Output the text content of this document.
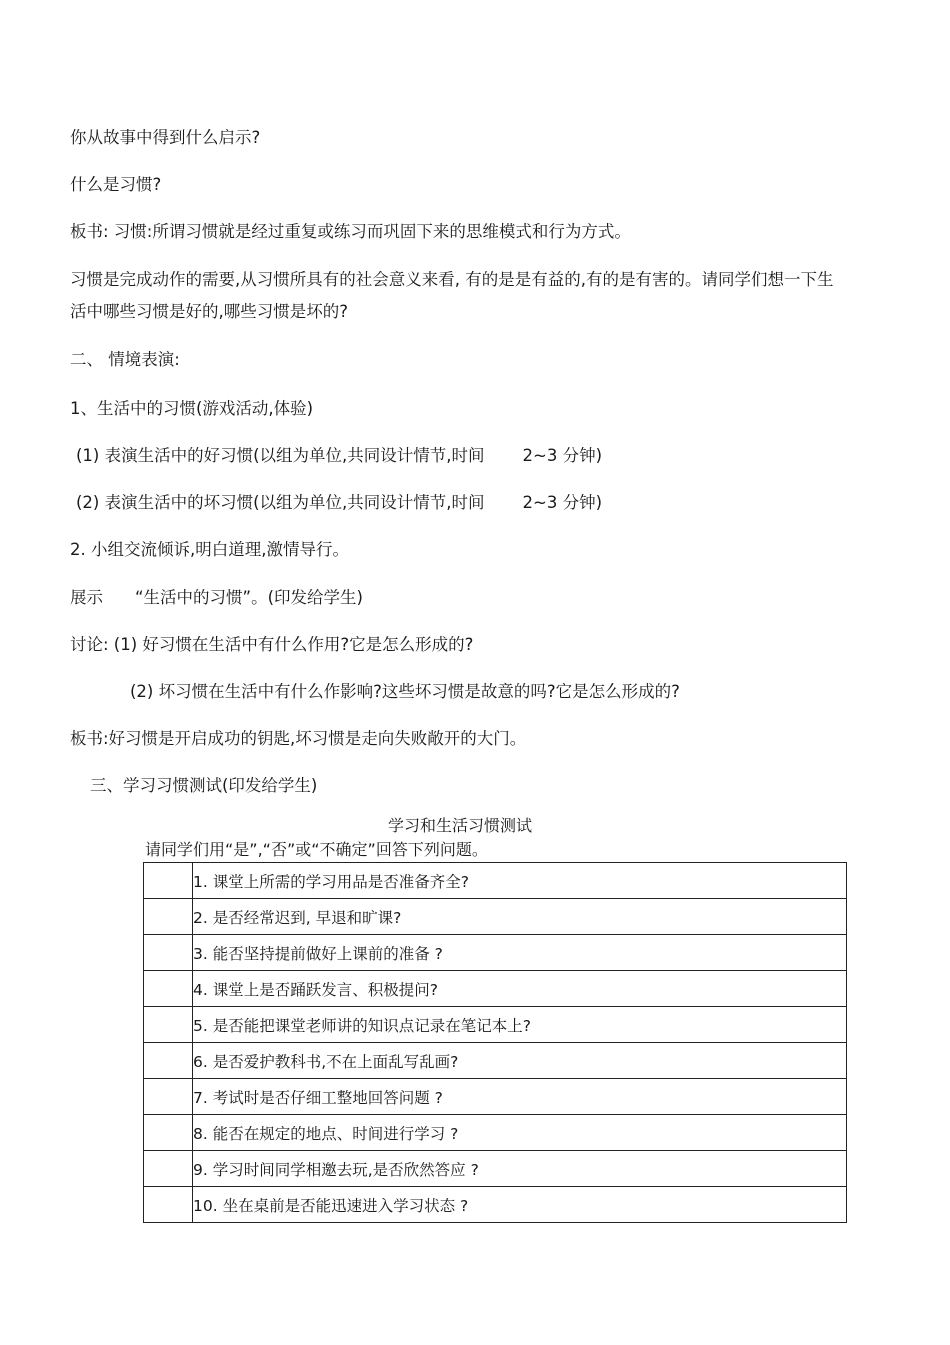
你从故事中得到什么启示?
什么是习惯?
板书: 习惯:所谓习惯就是经过重复或练习而巩固下来的思维模式和行为方式。
习惯是完成动作的需要,从习惯所具有的社会意义来看, 有的是是有益的,有的是有害的。请同学们想一下生活中哪些习惯是好的,哪些习惯是坏的?
二、 情境表演:
1、生活中的习惯(游戏活动,体验)
(1) 表演生活中的好习惯(以组为单位,共同设计情节,时间 2~3 分钟)
(2) 表演生活中的坏习惯(以组为单位,共同设计情节,时间 2~3 分钟)
2. 小组交流倾诉,明白道理,激情导行。
展示 “生活中的习惯”。(印发给学生)
讨论: (1) 好习惯在生活中有什么作用?它是怎么形成的?
(2) 坏习惯在生活中有什么作影响?这些坏习惯是故意的吗?它是怎么形成的?
板书:好习惯是开启成功的钥匙,坏习惯是走向失败敞开的大门。
三、学习习惯测试(印发给学生)
学习和生活习惯测试
请同学们用“是”,“否”或“不确定”回答下列问题。
	1. 课堂上所需的学习用品是否准备齐全?
	2. 是否经常迟到, 早退和旷课?
	3. 能否坚持提前做好上课前的准备 ?
	4. 课堂上是否踊跃发言、积极提问?
	5. 是否能把课堂老师讲的知识点记录在笔记本上?
	6. 是否爱护教科书,不在上面乱写乱画?
	7. 考试时是否仔细工整地回答问题 ?
	8. 能否在规定的地点、时间进行学习 ?
	9. 学习时间同学相邀去玩,是否欣然答应 ?
	10. 坐在桌前是否能迅速进入学习状态 ?
